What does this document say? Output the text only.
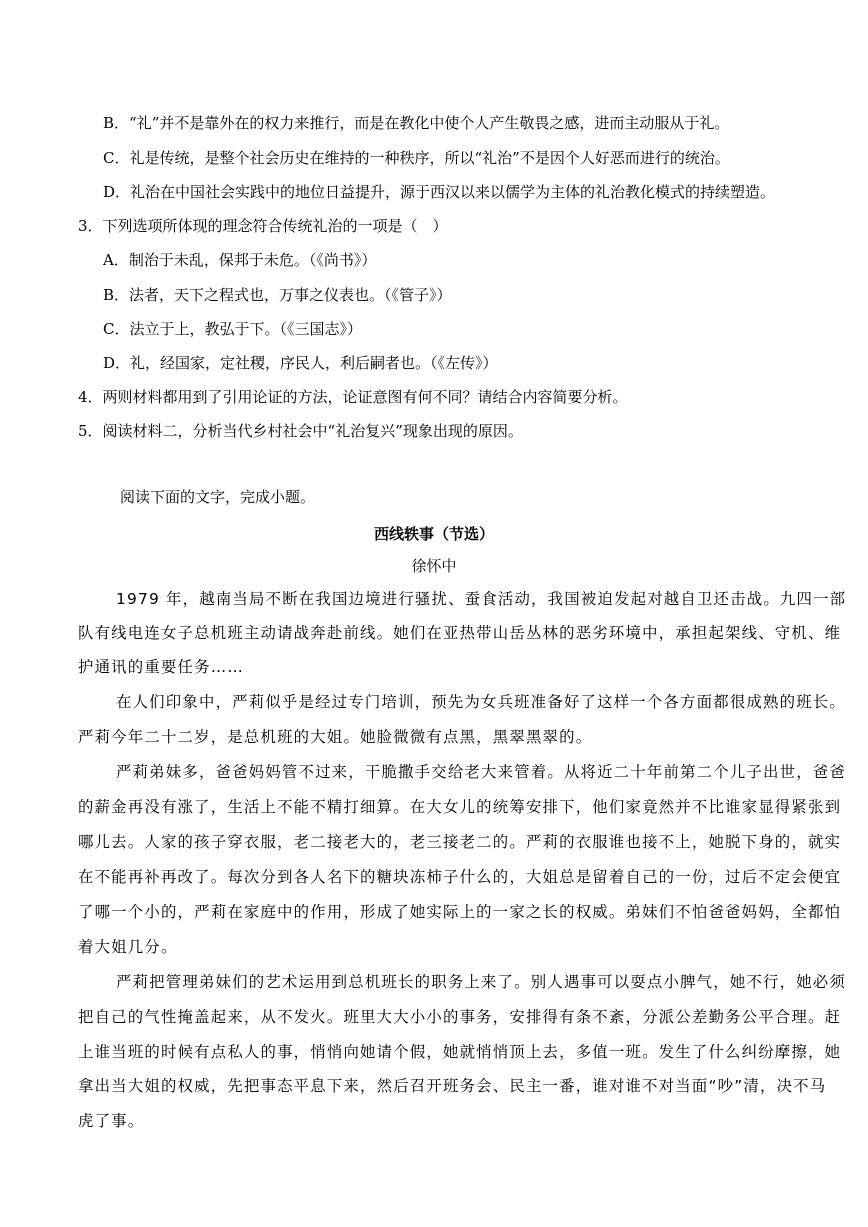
B．“礼”并不是靠外在的权力来推行，而是在教化中使个人产生敬畏之感，进而主动服从于礼。
C．礼是传统，是整个社会历史在维持的一种秩序，所以“礼治”不是因个人好恶而进行的统治。
D．礼治在中国社会实践中的地位日益提升，源于西汉以来以儒学为主体的礼治教化模式的持续塑造。
3．下列选项所体现的理念符合传统礼治的一项是（　）
A．制治于未乱，保邦于未危。（《尚书》）
B．法者，天下之程式也，万事之仪表也。（《管子》）
C．法立于上，教弘于下。（《三国志》）
D．礼，经国家，定社稷，序民人，利后嗣者也。（《左传》）
4．两则材料都用到了引用论证的方法，论证意图有何不同？请结合内容简要分析。
5．阅读材料二，分析当代乡村社会中“礼治复兴”现象出现的原因。
阅读下面的文字，完成小题。
西线轶事（节选）
徐怀中
1979 年，越南当局不断在我国边境进行骚扰、蚕食活动，我国被迫发起对越自卫还击战。九四一部
队有线电连女子总机班主动请战奔赴前线。她们在亚热带山岳丛林的恶劣环境中，承担起架线、守机、维
护通讯的重要任务……
在人们印象中，严莉似乎是经过专门培训，预先为女兵班准备好了这样一个各方面都很成熟的班长。
严莉今年二十二岁，是总机班的大姐。她脸微微有点黑，黑翠黑翠的。
严莉弟妹多，爸爸妈妈管不过来，干脆撒手交给老大来管着。从将近二十年前第二个儿子出世，爸爸
的薪金再没有涨了，生活上不能不精打细算。在大女儿的统筹安排下，他们家竟然并不比谁家显得紧张到
哪儿去。人家的孩子穿衣服，老二接老大的，老三接老二的。严莉的衣服谁也接不上，她脱下身的，就实
在不能再补再改了。每次分到各人名下的糖块冻柿子什么的，大姐总是留着自己的一份，过后不定会便宜
了哪一个小的，严莉在家庭中的作用，形成了她实际上的一家之长的权威。弟妹们不怕爸爸妈妈，全都怕
着大姐几分。
严莉把管理弟妹们的艺术运用到总机班长的职务上来了。别人遇事可以耍点小脾气，她不行，她必须
把自己的气性掩盖起来，从不发火。班里大大小小的事务，安排得有条不紊，分派公差勤务公平合理。赶
上谁当班的时候有点私人的事，悄悄向她请个假，她就悄悄顶上去，多值一班。发生了什么纠纷摩擦，她
拿出当大姐的权威，先把事态平息下来，然后召开班务会、民主一番，谁对谁不对当面“吵”清，决不马
虎了事。
